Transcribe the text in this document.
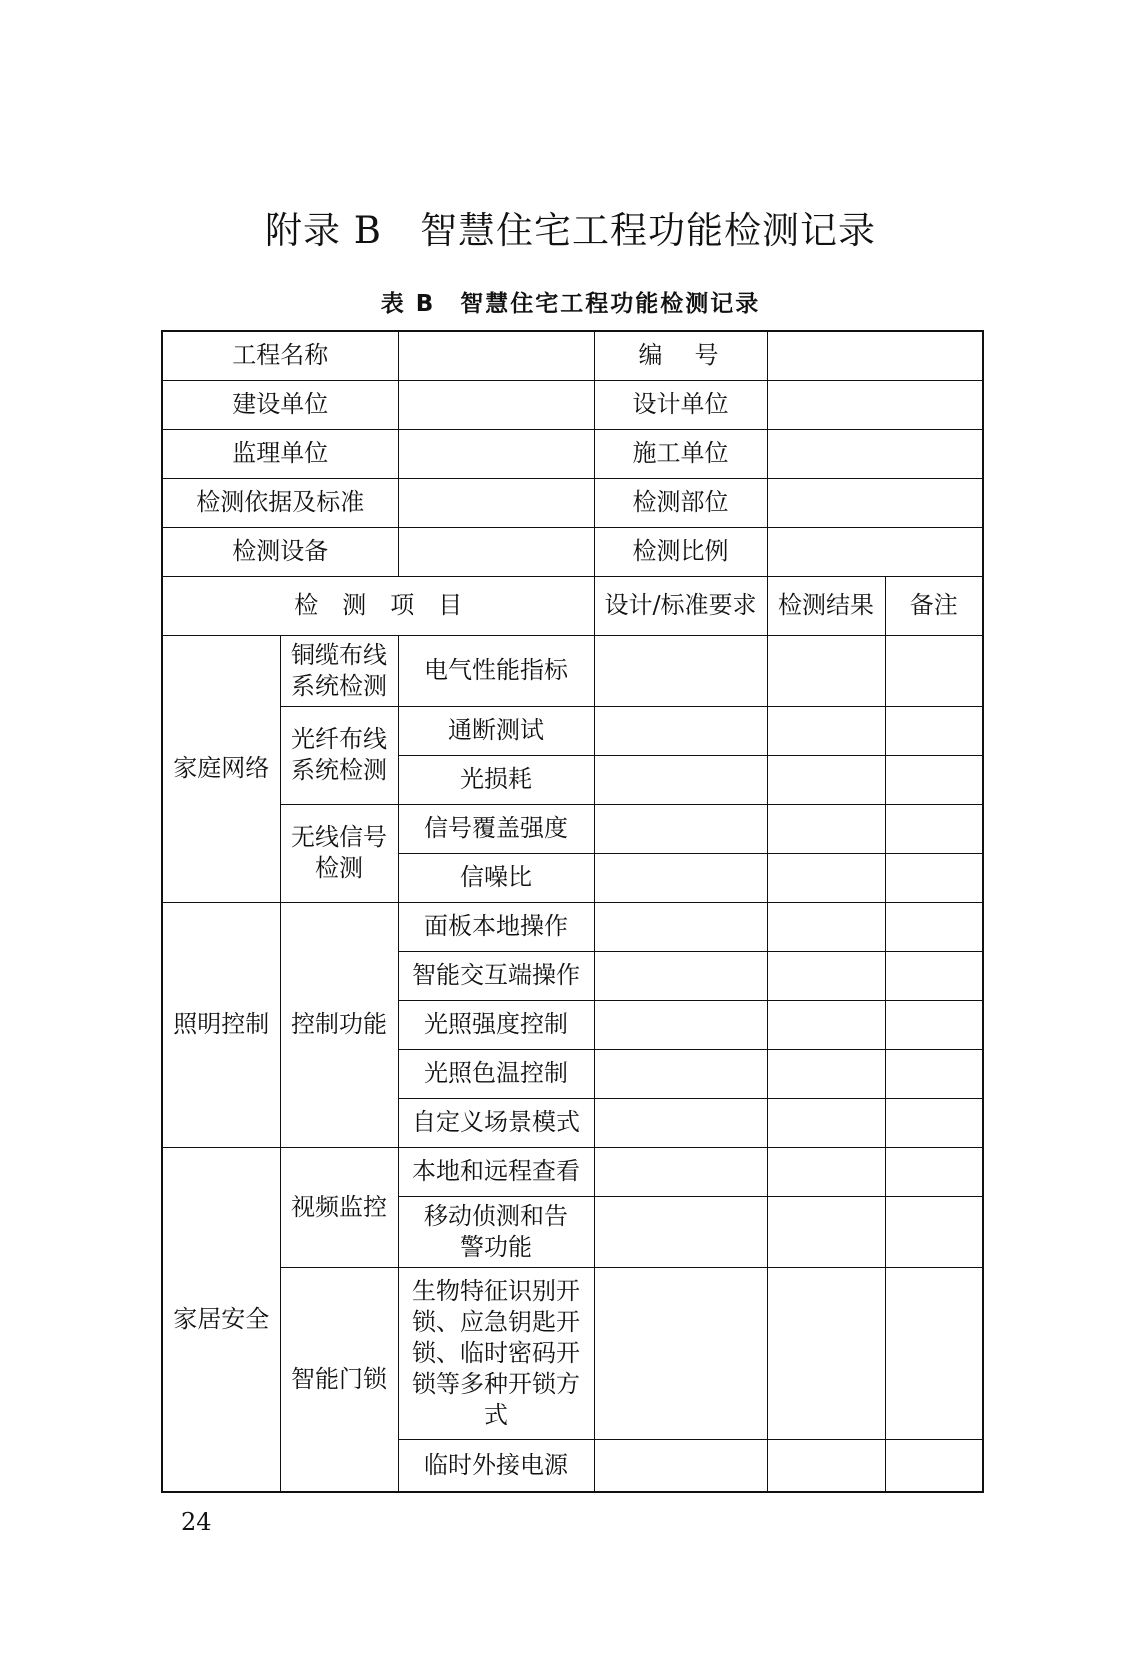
附录 B　智慧住宅工程功能检测记录
表 B　智慧住宅工程功能检测记录
工程名称			编　号		
建设单位			设计单位		
监理单位			施工单位		
检测依据及标准			检测部位		
检测设备			检测比例		
检　测　项　目			设计/标准要求	检测结果	备注
家庭网络	铜缆布线系统检测	电气性能指标			
	光纤布线系统检测	通断测试			
		光损耗			
	无线信号检测	信号覆盖强度			
		信噪比			
照明控制	控制功能	面板本地操作			
		智能交互端操作			
		光照强度控制			
		光照色温控制			
		自定义场景模式			
家居安全	视频监控	本地和远程查看			
		移动侦测和告警功能			
	智能门锁	生物特征识别开锁、应急钥匙开锁、临时密码开锁等多种开锁方式			
		临时外接电源			
24
